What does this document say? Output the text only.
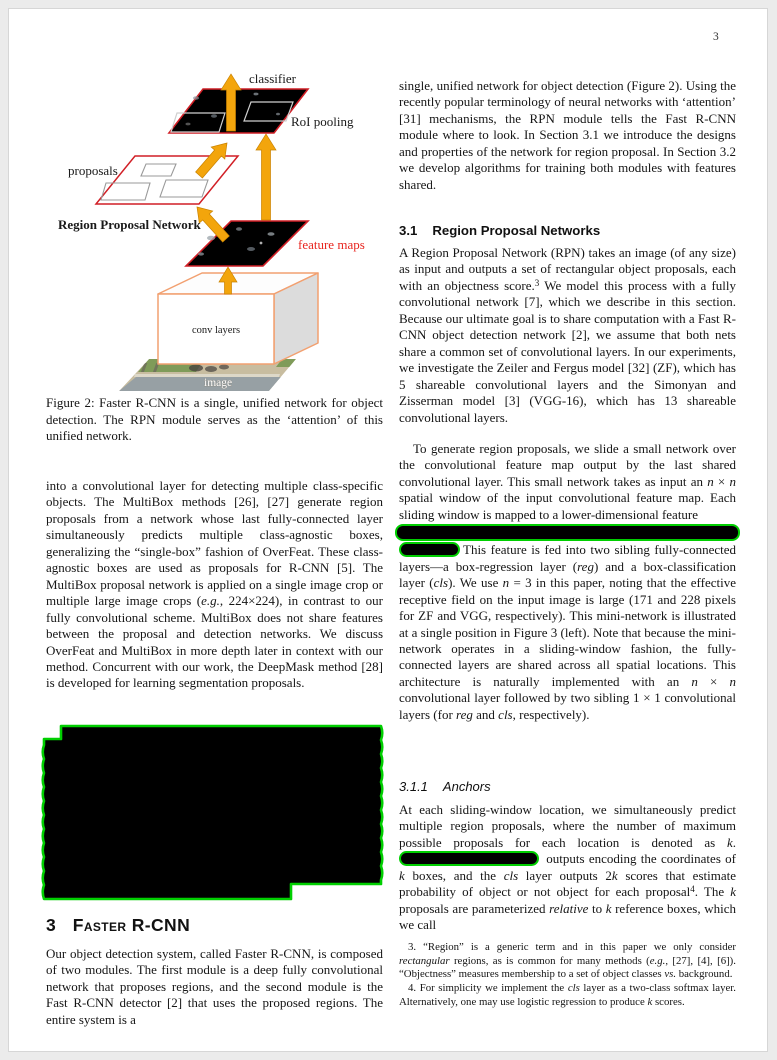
3
image
conv layers
feature maps
proposals
RoI pooling
classifier
Region Proposal Network
Figure 2: Faster R-CNN is a single, unified network for object detection. The RPN module serves as the ‘attention’ of this unified network.

into a convolutional layer for detecting multiple class-specific objects. The MultiBox methods [26], [27] generate region proposals from a network whose last fully-connected layer simultaneously predicts multiple class-agnostic boxes, generalizing the “single-box” fashion of OverFeat. These class-agnostic boxes are used as proposals for R-CNN [5]. The MultiBox proposal network is applied on a single image crop or multiple large image crops (e.g., 224×224), in contrast to our fully convolutional scheme. MultiBox does not share features between the proposal and detection networks. We discuss OverFeat and MultiBox in more depth later in context with our method. Concurrent with our work, the DeepMask method [28] is developed for learning segmentation proposals.

3 Faster R-CNN

Our object detection system, called Faster R-CNN, is composed of two modules. The first module is a deep fully convolutional network that proposes regions, and the second module is the Fast R-CNN detector [2] that uses the proposed regions. The entire system is a

single, unified network for object detection (Figure 2). Using the recently popular terminology of neural networks with ‘attention’ [31] mechanisms, the RPN module tells the Fast R-CNN module where to look. In Section 3.1 we introduce the designs and properties of the network for region proposal. In Section 3.2 we develop algorithms for training both modules with features shared.

3.1 Region Proposal Networks

A Region Proposal Network (RPN) takes an image (of any size) as input and outputs a set of rectangular object proposals, each with an objectness score.$^3$ We model this process with a fully convolutional network [7], which we describe in this section. Because our ultimate goal is to share computation with a Fast R-CNN object detection network [2], we assume that both nets share a common set of convolutional layers. In our experiments, we investigate the Zeiler and Fergus model [32] (ZF), which has 5 shareable convolutional layers and the Simonyan and Zisserman model [3] (VGG-16), which has 13 shareable convolutional layers.

To generate region proposals, we slide a small network over the convolutional feature map output by the last shared convolutional layer. This small network takes as input an n × n spatial window of the input convolutional feature map. Each sliding window is mapped to a lower-dimensional feature
This feature is fed into two sibling fully-connected layers—a box-regression layer (reg) and a box-classification layer (cls). We use n = 3 in this paper, noting that the effective receptive field on the input image is large (171 and 228 pixels for ZF and VGG, respectively). This mini-network is illustrated at a single position in Figure 3 (left). Note that because the mini-network operates in a sliding-window fashion, the fully-connected layers are shared across all spatial locations. This architecture is naturally implemented with an n × n convolutional layer followed by two sibling 1 × 1 convolutional layers (for reg and cls, respectively).

3.1.1 Anchors

At each sliding-window location, we simultaneously predict multiple region proposals, where the number of maximum possible proposals for each location is denoted as k.  outputs encoding the coordinates of k boxes, and the cls layer outputs 2k scores that estimate probability of object or not object for each proposal$^4$. The k proposals are parameterized relative to k reference boxes, which we call

3. “Region” is a generic term and in this paper we only consider rectangular regions, as is common for many methods (e.g., [27], [4], [6]). “Objectness” measures membership to a set of object classes vs. background.

4. For simplicity we implement the cls layer as a two-class softmax layer. Alternatively, one may use logistic regression to produce k scores.
